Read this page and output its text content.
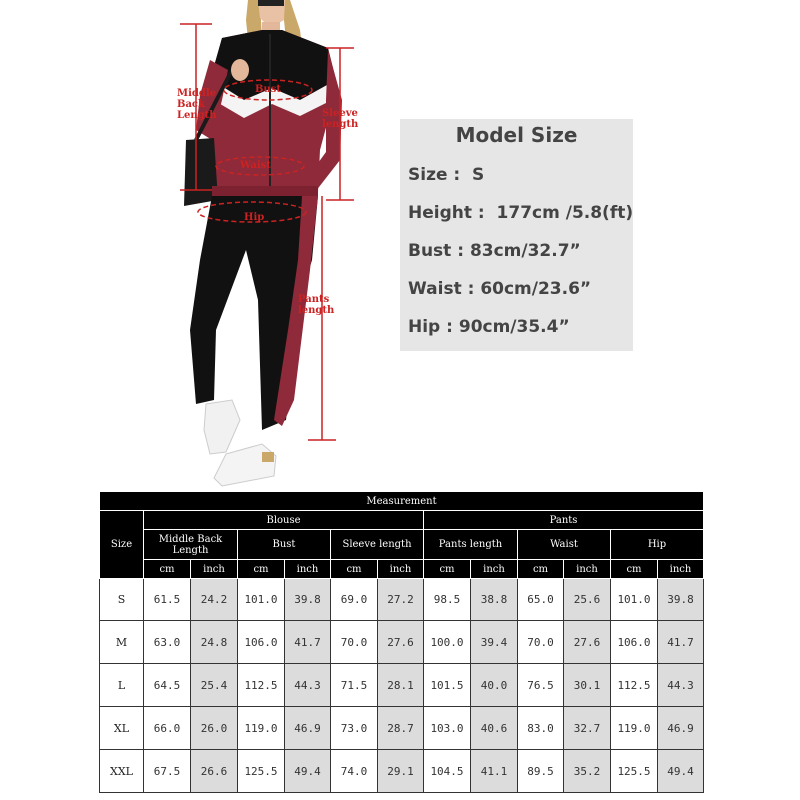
Middle
Back
Length
Bust
Sleeve
length
Waist
Hip
Pants
length
Model Size
Size :  S
Height :  177cm /5.8(ft)
Bust : 83cm/32.7”
Waist : 60cm/23.6”
Hip : 90cm/35.4”
Measurement												
Size	Blouse						Pants					
	Middle Back Length		Bust		Sleeve length		Pants length		Waist		Hip	
	cm	inch	cm	inch	cm	inch	cm	inch	cm	inch	cm	inch
S	61.5	24.2	101.0	39.8	69.0	27.2	98.5	38.8	65.0	25.6	101.0	39.8
M	63.0	24.8	106.0	41.7	70.0	27.6	100.0	39.4	70.0	27.6	106.0	41.7
L	64.5	25.4	112.5	44.3	71.5	28.1	101.5	40.0	76.5	30.1	112.5	44.3
XL	66.0	26.0	119.0	46.9	73.0	28.7	103.0	40.6	83.0	32.7	119.0	46.9
XXL	67.5	26.6	125.5	49.4	74.0	29.1	104.5	41.1	89.5	35.2	125.5	49.4
